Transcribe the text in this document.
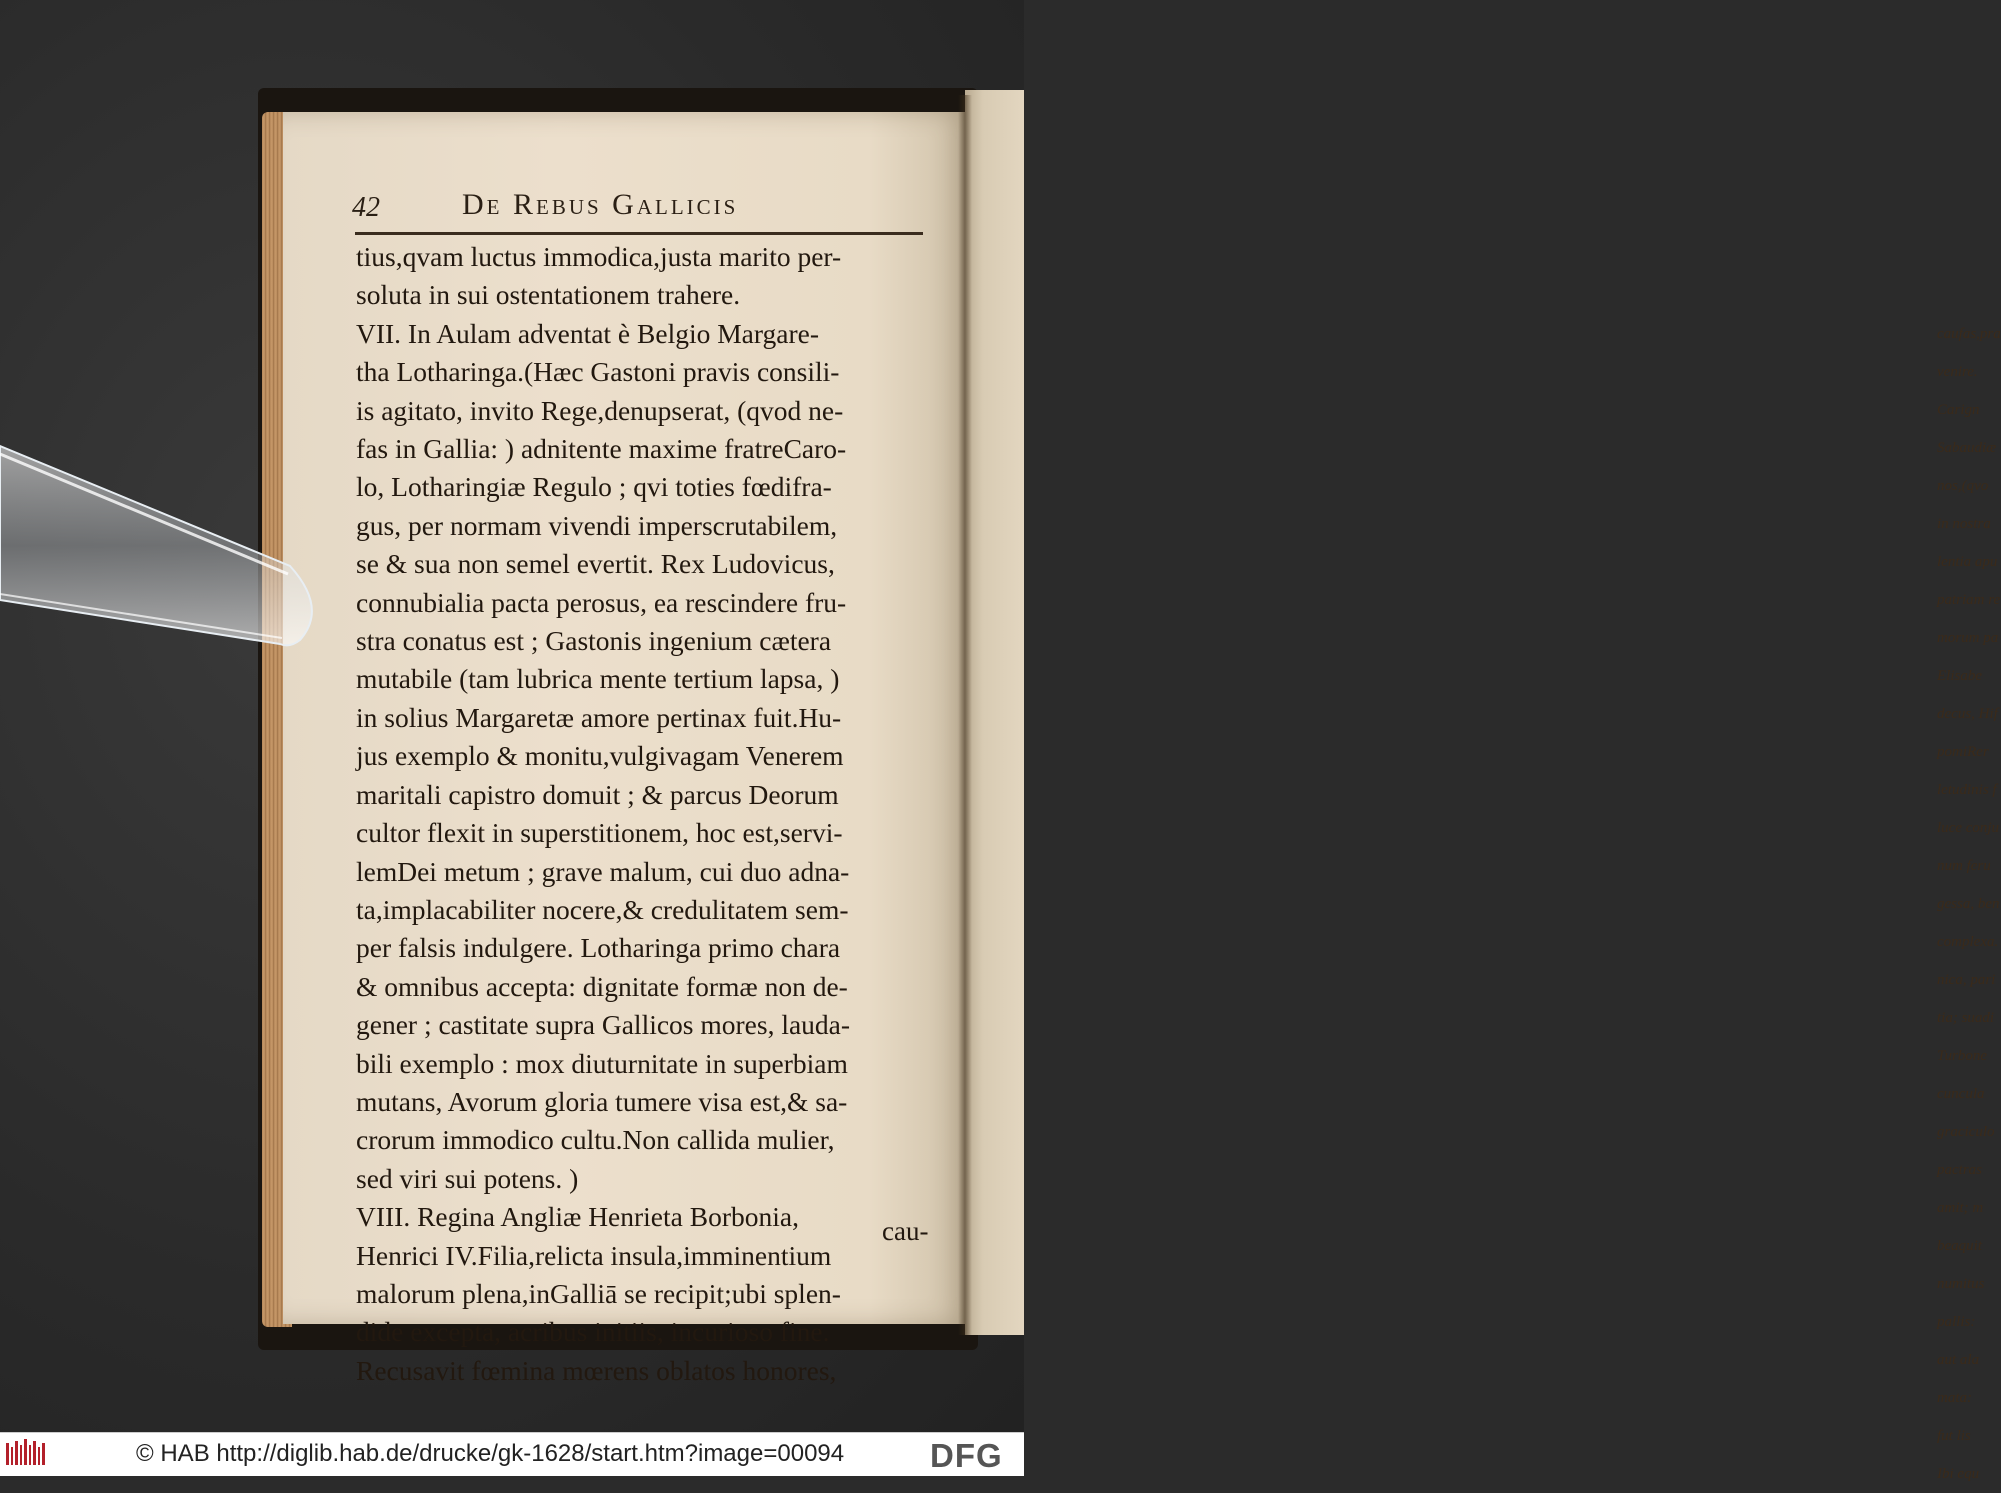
caufas,pra
venire.
Carign
Sabaudiæ
nos,(qvo
in nostra
lentia apu
patriam re
morum pa
Elisabe
decus, Hif
pomiRer
letudinis f
luce conju
num feru
gessa, ben
complexa.
nica, pari
tia; suadi
Turbone
cuncula
graciculo
pactras
amit; m
beaquit
numitus
pallis:
aut ala
mata:
fut lis
Ibi equ
42	De Rebus Gallicis
tius,qvam luctus immodica,justa marito per-
soluta in sui ostentationem trahere.
VII. In Aulam adventat è Belgio Margare-
tha Lotharinga.(Hæc Gastoni pravis consili-
is agitato, invito Rege,denupserat, (qvod ne-
fas in Gallia: ) adnitente maxime fratreCaro-
lo, Lotharingiæ Regulo ; qvi toties fœdifra-
gus, per normam vivendi imperscrutabilem,
se & sua non semel evertit. Rex Ludovicus,
connubialia pacta perosus, ea rescindere fru-
stra conatus est ; Gastonis ingenium cætera
mutabile (tam lubrica mente tertium lapsa, )
in solius Margaretæ amore pertinax fuit.Hu-
jus exemplo & monitu,vulgivagam Venerem
maritali capistro domuit ; & parcus Deorum
cultor flexit in superstitionem, hoc est,servi-
lemDei metum ; grave malum, cui duo adna-
ta,implacabiliter nocere,& credulitatem sem-
per falsis indulgere. Lotharinga primo chara
& omnibus accepta: dignitate formæ non de-
gener ; castitate supra Gallicos mores, lauda-
bili exemplo : mox diuturnitate in superbiam
mutans, Avorum gloria tumere visa est,& sa-
crorum immodico cultu.Non callida mulier,
sed viri sui potens. )
VIII. Regina Angliæ Henrieta Borbonia,
Henrici IV.Filia,relicta insula,imminentium
malorum plena,inGalliā se recipit;ubi splen-
dide excepta, acribus initiis, incurioso fine.
Recusavit fœmina mœrens oblatos honores,
cau-
© HAB http://diglib.hab.de/drucke/gk-1628/start.htm?image=00094	DFG
